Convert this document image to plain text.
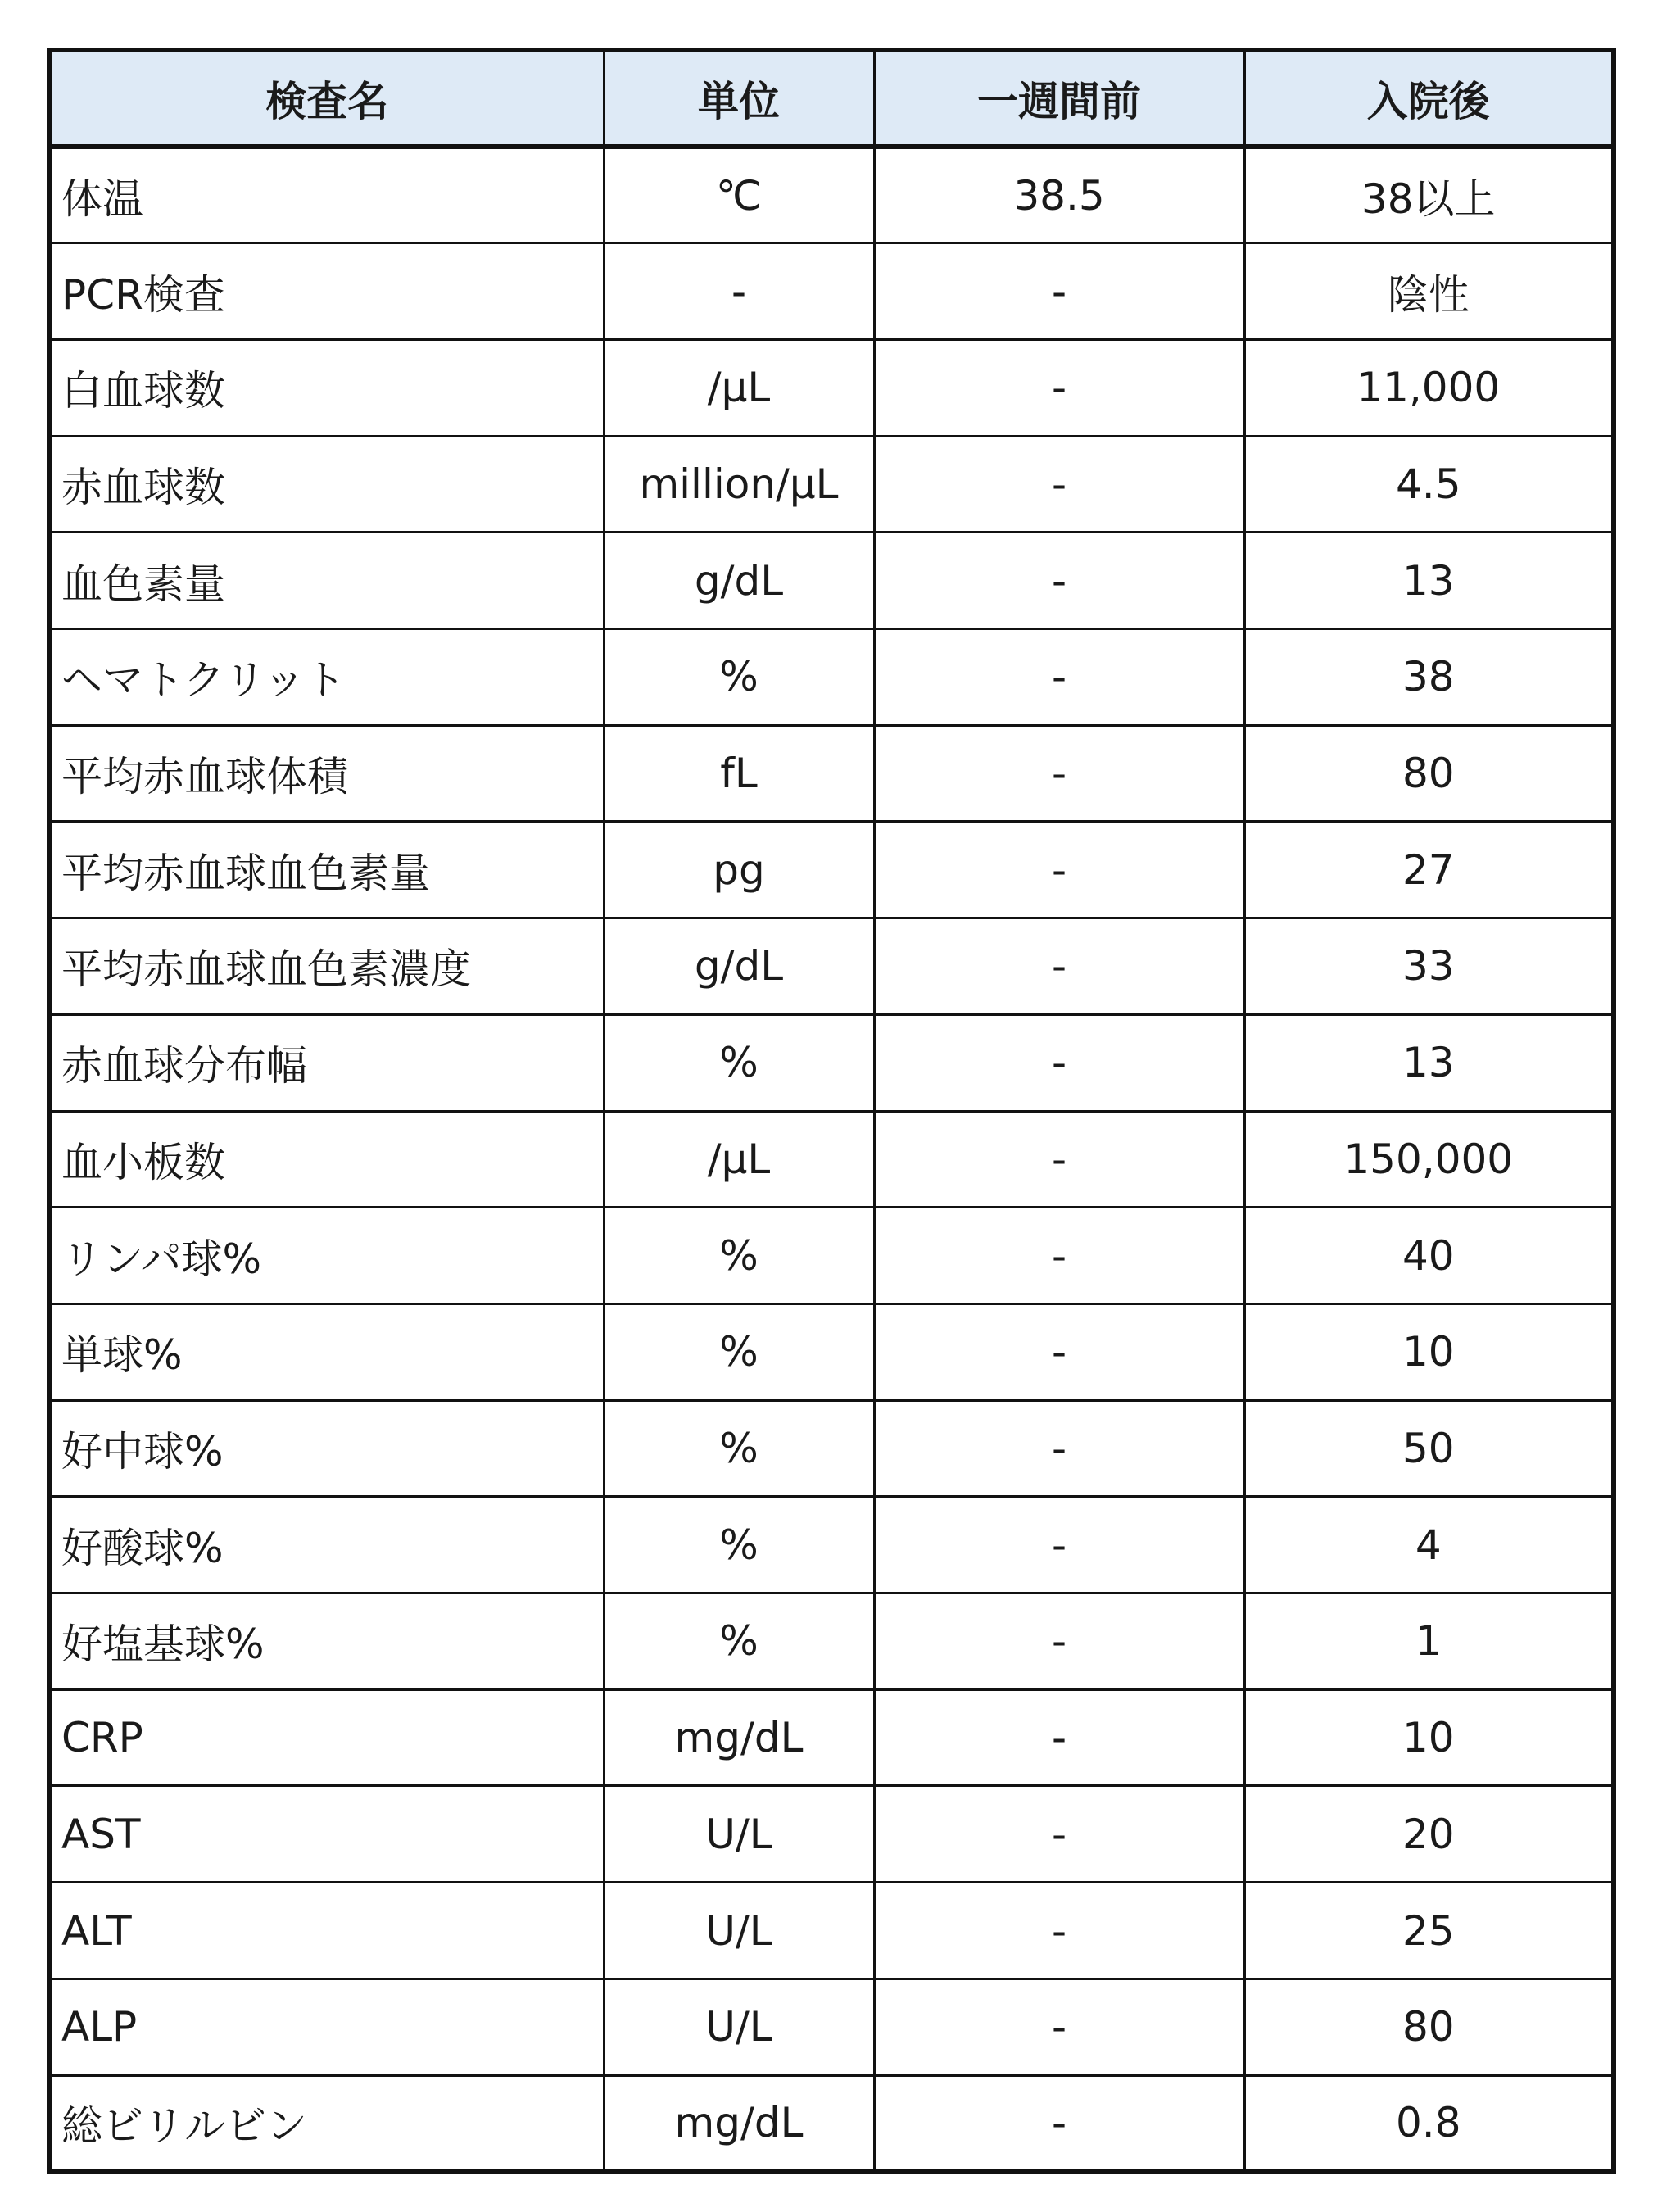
検査名	単位	一週間前	入院後
体温	℃	38.5	38以上
PCR検査	-	-	陰性
白血球数	/μL	-	11,000
赤血球数	million/μL	-	4.5
血色素量	g/dL	-	13
ヘマトクリット	%	-	38
平均赤血球体積	fL	-	80
平均赤血球血色素量	pg	-	27
平均赤血球血色素濃度	g/dL	-	33
赤血球分布幅	%	-	13
血小板数	/μL	-	150,000
リンパ球%	%	-	40
単球%	%	-	10
好中球%	%	-	50
好酸球%	%	-	4
好塩基球%	%	-	1
CRP	mg/dL	-	10
AST	U/L	-	20
ALT	U/L	-	25
ALP	U/L	-	80
総ビリルビン	mg/dL	-	0.8
